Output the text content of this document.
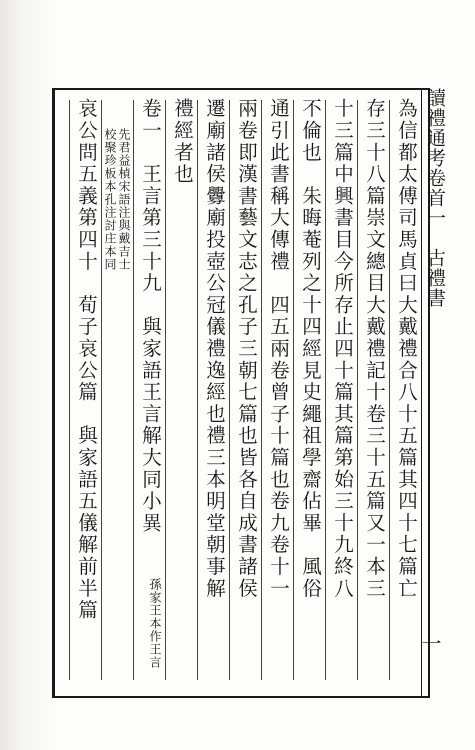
讀禮通考卷首一　古禮書
一
為信都太傅司馬貞曰大戴禮合八十五篇其四十七篇亡
存三十八篇崇文總目大戴禮記十卷三十五篇又一本三
十三篇中興書目今所存止四十篇其篇第始三十九終八
不倫也　朱晦菴列之十四經見史繩祖學齋佔畢　風俗
通引此書稱大傳禮　四五兩卷曾子十篇也卷九卷十一
兩卷即漢書藝文志之孔子三朝七篇也皆各自成書諸侯
遷廟諸侯釁廟投壺公冠儀禮逸經也禮三本明堂朝事解
禮經者也
卷一　王言第三十九　與家語王言解大同小異
孫家王本作王言
先君益楨宋語注與戴吉士
校聚珍板本孔注討庄本同
哀公問五義第四十　荀子哀公篇　與家語五儀解前半篇
